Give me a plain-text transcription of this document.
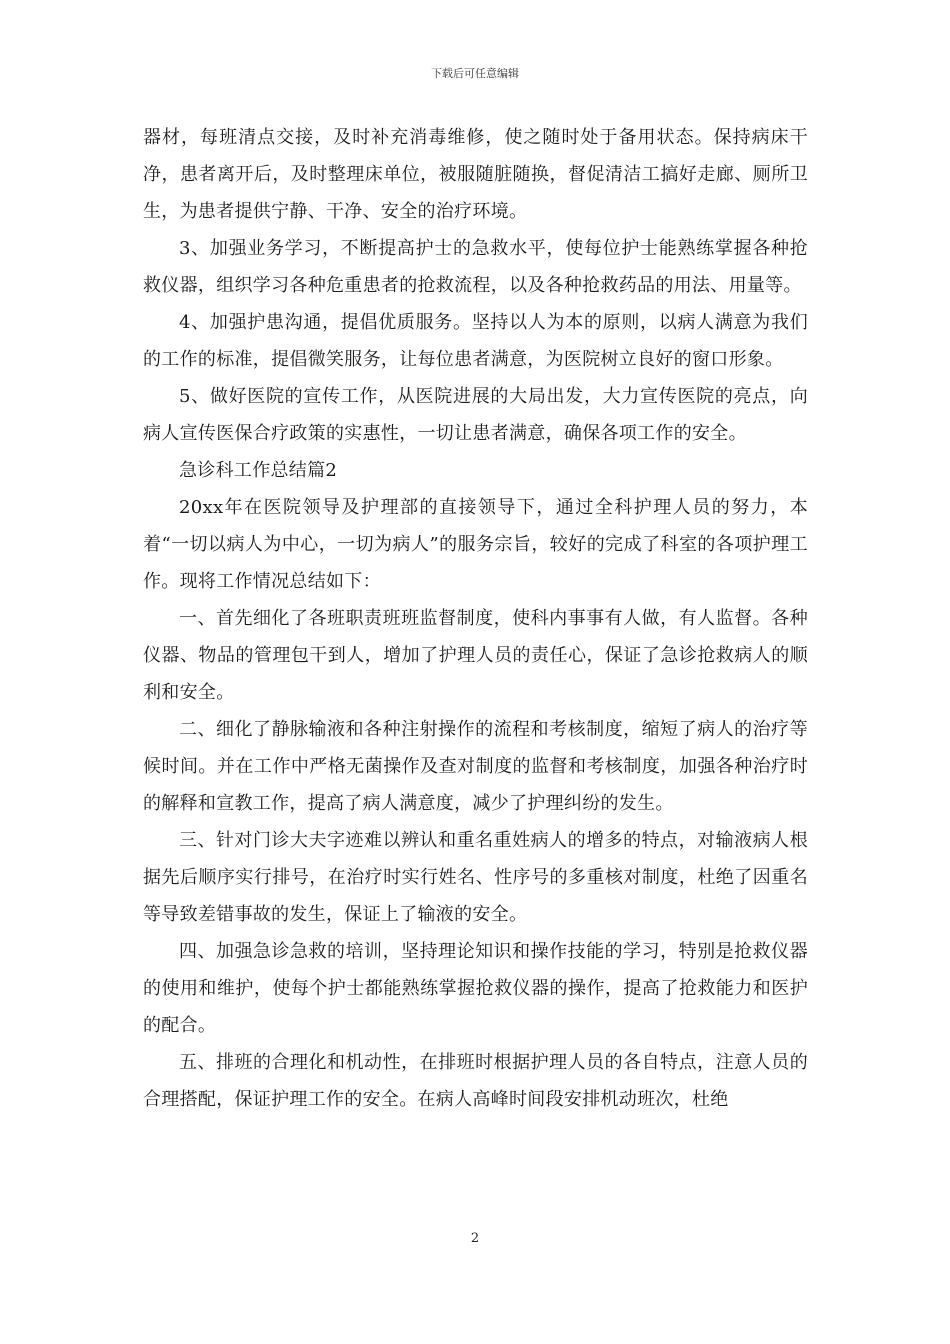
下载后可任意编辑

器材，每班清点交接，及时补充消毒维修，使之随时处于备用状态。保持病床干净，患者离开后，及时整理床单位，被服随脏随换，督促清洁工搞好走廊、厕所卫生，为患者提供宁静、干净、安全的治疗环境。

3、加强业务学习，不断提高护士的急救水平，使每位护士能熟练掌握各种抢救仪器，组织学习各种危重患者的抢救流程，以及各种抢救药品的用法、用量等。

4、加强护患沟通，提倡优质服务。坚持以人为本的原则，以病人满意为我们的工作的标准，提倡微笑服务，让每位患者满意，为医院树立良好的窗口形象。

5、做好医院的宣传工作，从医院进展的大局出发，大力宣传医院的亮点，向病人宣传医保合疗政策的实惠性，一切让患者满意，确保各项工作的安全。

急诊科工作总结篇2

20xx年在医院领导及护理部的直接领导下，通过全科护理人员的努力，本着“一切以病人为中心，一切为病人”的服务宗旨，较好的完成了科室的各项护理工作。现将工作情况总结如下：

一、首先细化了各班职责班班监督制度，使科内事事有人做，有人监督。各种仪器、物品的管理包干到人，增加了护理人员的责任心，保证了急诊抢救病人的顺利和安全。

二、细化了静脉输液和各种注射操作的流程和考核制度，缩短了病人的治疗等候时间。并在工作中严格无菌操作及查对制度的监督和考核制度，加强各种治疗时的解释和宣教工作，提高了病人满意度，减少了护理纠纷的发生。

三、针对门诊大夫字迹难以辨认和重名重姓病人的增多的特点，对输液病人根据先后顺序实行排号，在治疗时实行姓名、性序号的多重核对制度，杜绝了因重名等导致差错事故的发生，保证上了输液的安全。

四、加强急诊急救的培训，坚持理论知识和操作技能的学习，特别是抢救仪器的使用和维护，使每个护士都能熟练掌握抢救仪器的操作，提高了抢救能力和医护的配合。

五、排班的合理化和机动性，在排班时根据护理人员的各自特点，注意人员的合理搭配，保证护理工作的安全。在病人高峰时间段安排机动班次，杜绝

2
